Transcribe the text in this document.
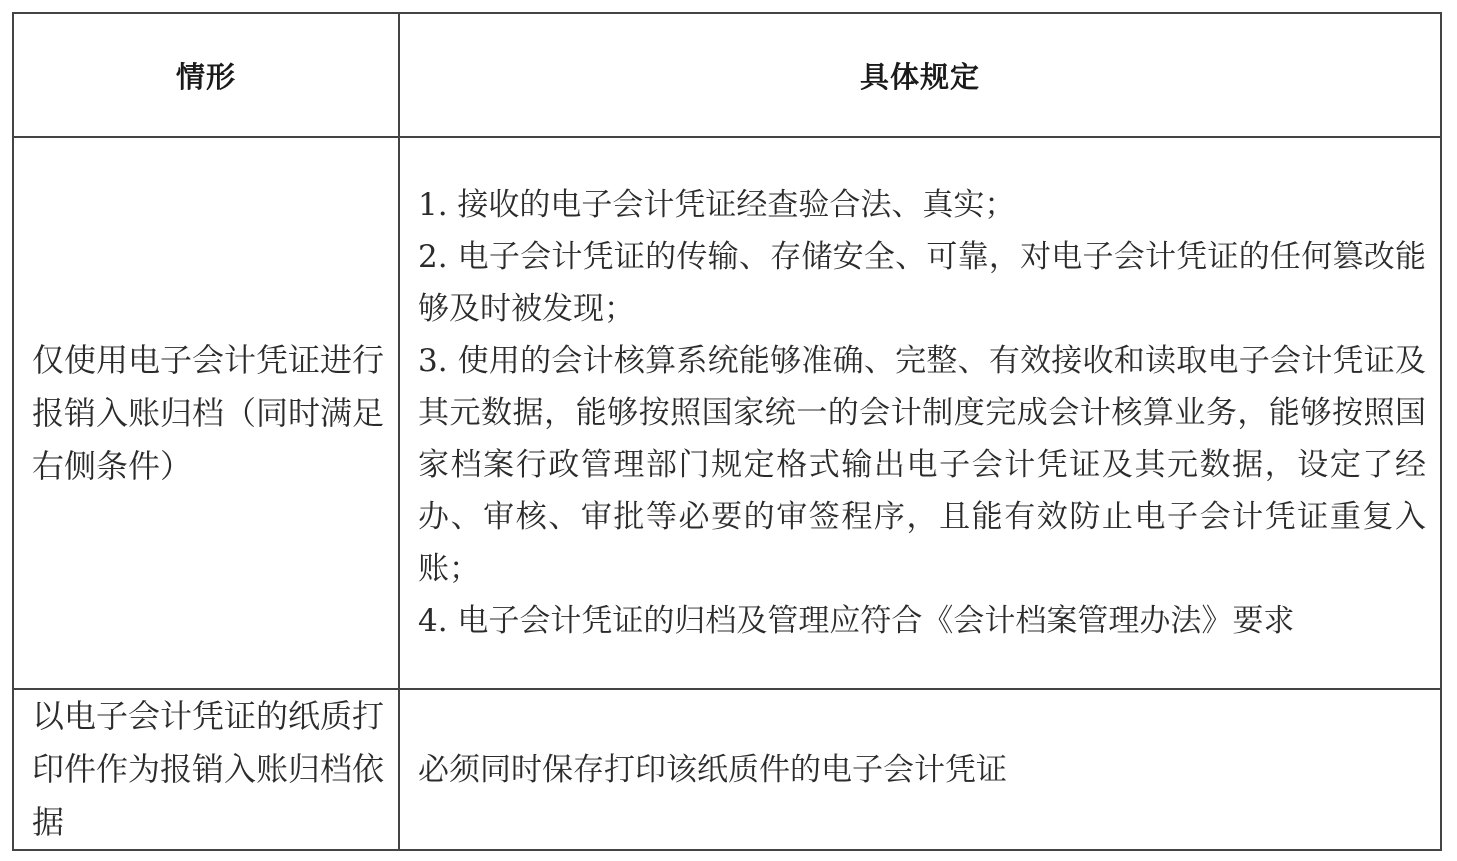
情形	具体规定
仅使用电子会计凭证进行报销入账归档（同时满足右侧条件）	1. 接收的电子会计凭证经查验合法、真实；
2. 电子会计凭证的传输、存储安全、可靠，对电子会计凭证的任何篡改能够及时被发现；
3. 使用的会计核算系统能够准确、完整、有效接收和读取电子会计凭证及其元数据，能够按照国家统一的会计制度完成会计核算业务，能够按照国家档案行政管理部门规定格式输出电子会计凭证及其元数据，设定了经办、审核、审批等必要的审签程序，且能有效防止电子会计凭证重复入账；
4. 电子会计凭证的归档及管理应符合《会计档案管理办法》要求

以电子会计凭证的纸质打印件作为报销入账归档依据	必须同时保存打印该纸质件的电子会计凭证
